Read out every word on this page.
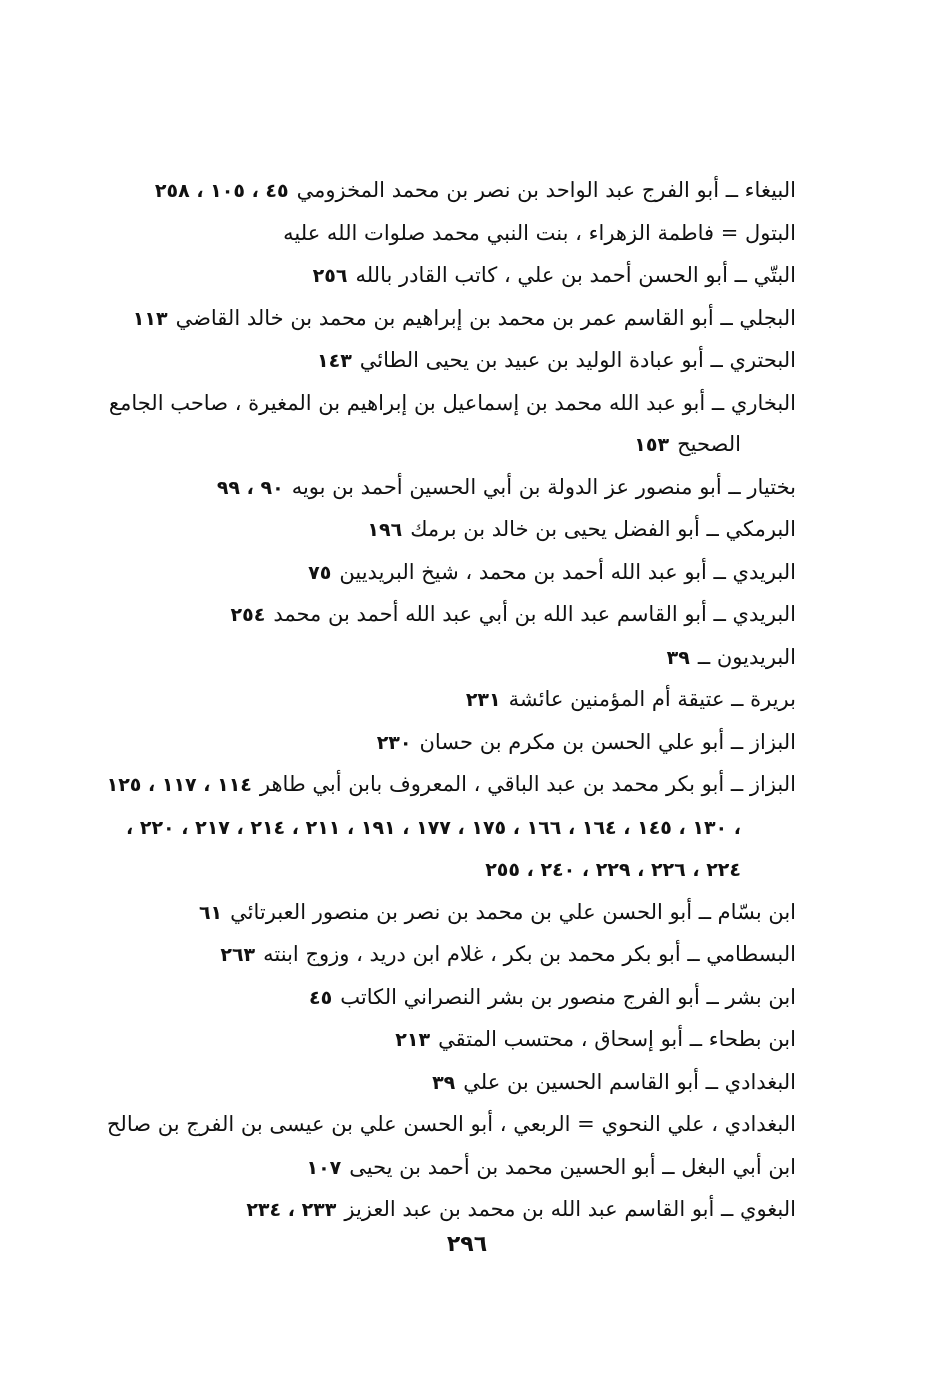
البيغاء ــ أبو الفرج عبد الواحد بن نصر بن محمد المخزومي٤٥ ، ١٠٥ ، ٢٥٨
البتول = فاطمة الزهراء ، بنت النبي محمد صلوات الله عليه
البتّي ــ أبو الحسن أحمد بن علي ، كاتب القادر بالله٢٥٦
البجلي ــ أبو القاسم عمر بن محمد بن إبراهيم بن محمد بن خالد القاضي١١٣
البحتري ــ أبو عبادة الوليد بن عبيد بن يحيى الطائي١٤٣
البخاري ــ أبو عبد الله محمد بن إسماعيل بن إبراهيم بن المغيرة ، صاحب الجامع الصحيح١٥٣
بختيار ــ أبو منصور عز الدولة بن أبي الحسين أحمد بن بويه٩٠ ، ٩٩
البرمكي ــ أبو الفضل يحيى بن خالد بن برمك١٩٦
البريدي ــ أبو عبد الله أحمد بن محمد ، شيخ البريديين٧٥
البريدي ــ أبو القاسم عبد الله بن أبي عبد الله أحمد بن محمد٢٥٤
البريديون ــ٣٩
بريرة ــ عتيقة أم المؤمنين عائشة٢٣١
البزاز ــ أبو علي الحسن بن مكرم بن حسان٢٣٠
البزاز ــ أبو بكر محمد بن عبد الباقي ، المعروف بابن أبي طاهر١١٤ ، ١١٧ ، ١٢٥ ، ١٣٠ ، ١٤٥ ، ١٦٤ ، ١٦٦ ، ١٧٥ ، ١٧٧ ، ١٩١ ، ٢١١ ، ٢١٤ ، ٢١٧ ، ٢٢٠ ، ٢٢٤ ، ٢٢٦ ، ٢٢٩ ، ٢٤٠ ، ٢٥٥
ابن بسّام ــ أبو الحسن علي بن محمد بن نصر بن منصور العبرتائي٦١
البسطامي ــ أبو بكر محمد بن بكر ، غلام ابن دريد ، وزوج ابنته٢٦٣
ابن بشر ــ أبو الفرج منصور بن بشر النصراني الكاتب٤٥
ابن بطحاء ــ أبو إسحاق ، محتسب المتقي٢١٣
البغدادي ــ أبو القاسم الحسين بن علي٣٩
البغدادي ، علي النحوي = الربعي ، أبو الحسن علي بن عيسى بن الفرج بن صالح
ابن أبي البغل ــ أبو الحسين محمد بن أحمد بن يحيى١٠٧
البغوي ــ أبو القاسم عبد الله بن محمد بن عبد العزيز٢٣٣ ، ٢٣٤
٢٩٦
